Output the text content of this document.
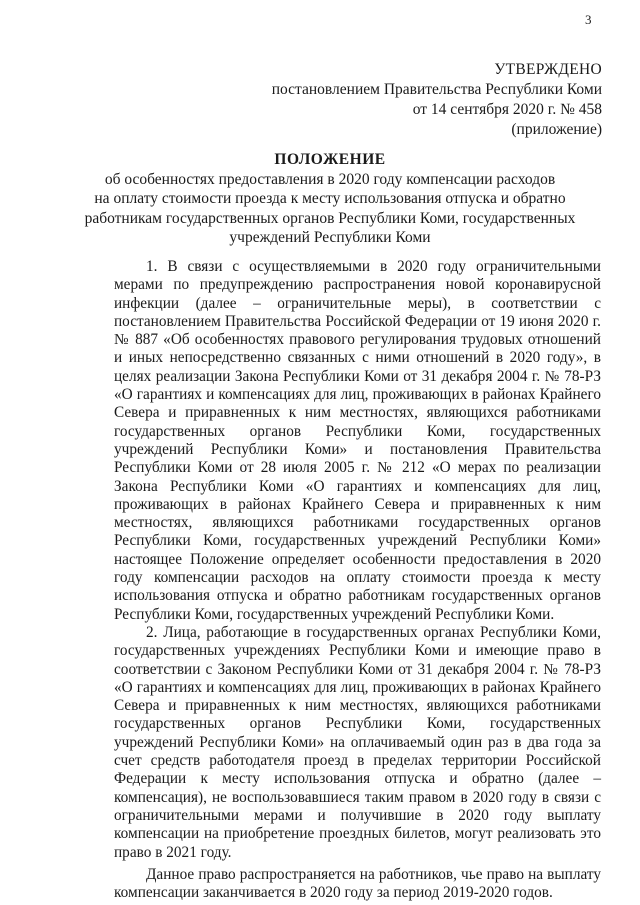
3
УТВЕРЖДЕНО
постановлением Правительства Республики Коми
от 14 сентября 2020 г. № 458
(приложение)
ПОЛОЖЕНИЕ
об особенностях предоставления в 2020 году компенсации расходов
на оплату стоимости проезда к месту использования отпуска и обратно
работникам государственных органов Республики Коми, государственных
учреждений Республики Коми

1. В связи с осуществляемыми в 2020 году ограничительными мерами по предупреждению распространения новой коронавирусной инфекции (далее – ограничительные меры), в соответствии с постановлением Правительства Российской Федерации от 19 июня 2020 г. № 887 «Об особенностях правового регулирования трудовых отношений и иных непосредственно связанных с ними отношений в 2020 году», в целях реализации Закона Республики Коми от 31 декабря 2004 г. № 78-РЗ «О гарантиях и компенсациях для лиц, проживающих в районах Крайнего Севера и приравненных к ним местностях, являющихся работниками государственных органов Республики Коми, государственных учреждений Республики Коми» и постановления Правительства Республики Коми от 28 июля 2005 г. № 212 «О мерах по реализации Закона Республики Коми «О гарантиях и компенсациях для лиц, проживающих в районах Крайнего Севера и приравненных к ним местностях, являющихся работниками государственных органов Республики Коми, государственных учреждений Республики Коми» настоящее Положение определяет особенности предоставления в 2020 году компенсации расходов на оплату стоимости проезда к месту использования отпуска и обратно работникам государственных органов Республики Коми, государственных учреждений Республики Коми.

2. Лица, работающие в государственных органах Республики Коми, государственных учреждениях Республики Коми и имеющие право в соответствии с Законом Республики Коми от 31 декабря 2004 г. № 78-РЗ «О гарантиях и компенсациях для лиц, проживающих в районах Крайнего Севера и приравненных к ним местностях, являющихся работниками государственных органов Республики Коми, государственных учреждений Республики Коми» на оплачиваемый один раз в два года за счет средств работодателя проезд в пределах территории Российской Федерации к месту использования отпуска и обратно (далее – компенсация), не воспользовавшиеся таким правом в 2020 году в связи с ограничительными мерами и получившие в 2020 году выплату компенсации на приобретение проездных билетов, могут реализовать это право в 2021 году.

Данное право распространяется на работников, чье право на выплату компенсации заканчивается в 2020 году за период 2019-2020 годов.
